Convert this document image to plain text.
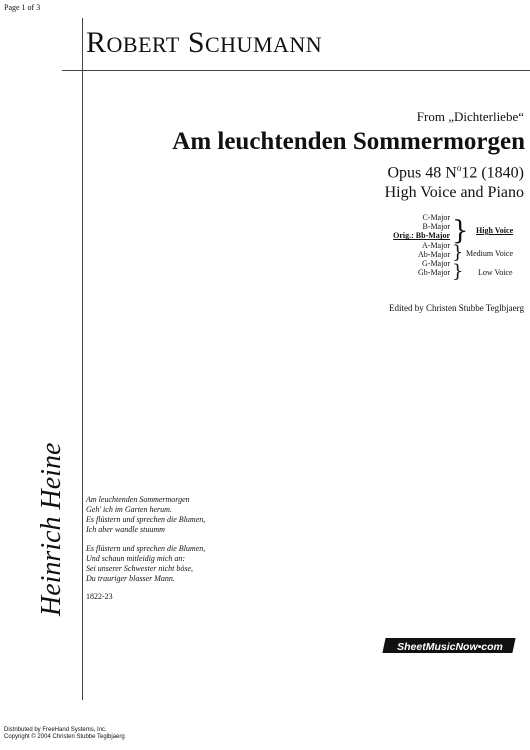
Page 1 of 3
ROBERT SCHUMANN
From „Dichterliebe“
Am leuchtenden Sommermorgen
Opus 48 $N^o12$ (1840)
High Voice and Piano
C-Major
B-Major
Orig.: Bb-Major
A-Major
Ab-Major
G-Major
Gb-Major
}
}
}
High Voice
Medium Voice
Low Voice
Edited by Christen Stubbe Teglbjaerg
Heinrich Heine Am leuchtenden Sommermorgen
Geh' ich im Garten herum.
Es flüstern und sprechen die Blumen,
Ich aber wandle stuumm
Es flüstern und sprechen die Blumen,
Und schaun mitleidig mich an:
Sei unserer Schwester nicht böse,
Du trauriger blasser Mann.
1822-23
SheetMusicNow•com
Distributed by FreeHand Systems, Inc.
Copyright © 2004 Christen Stubbe Teglbjaerg
